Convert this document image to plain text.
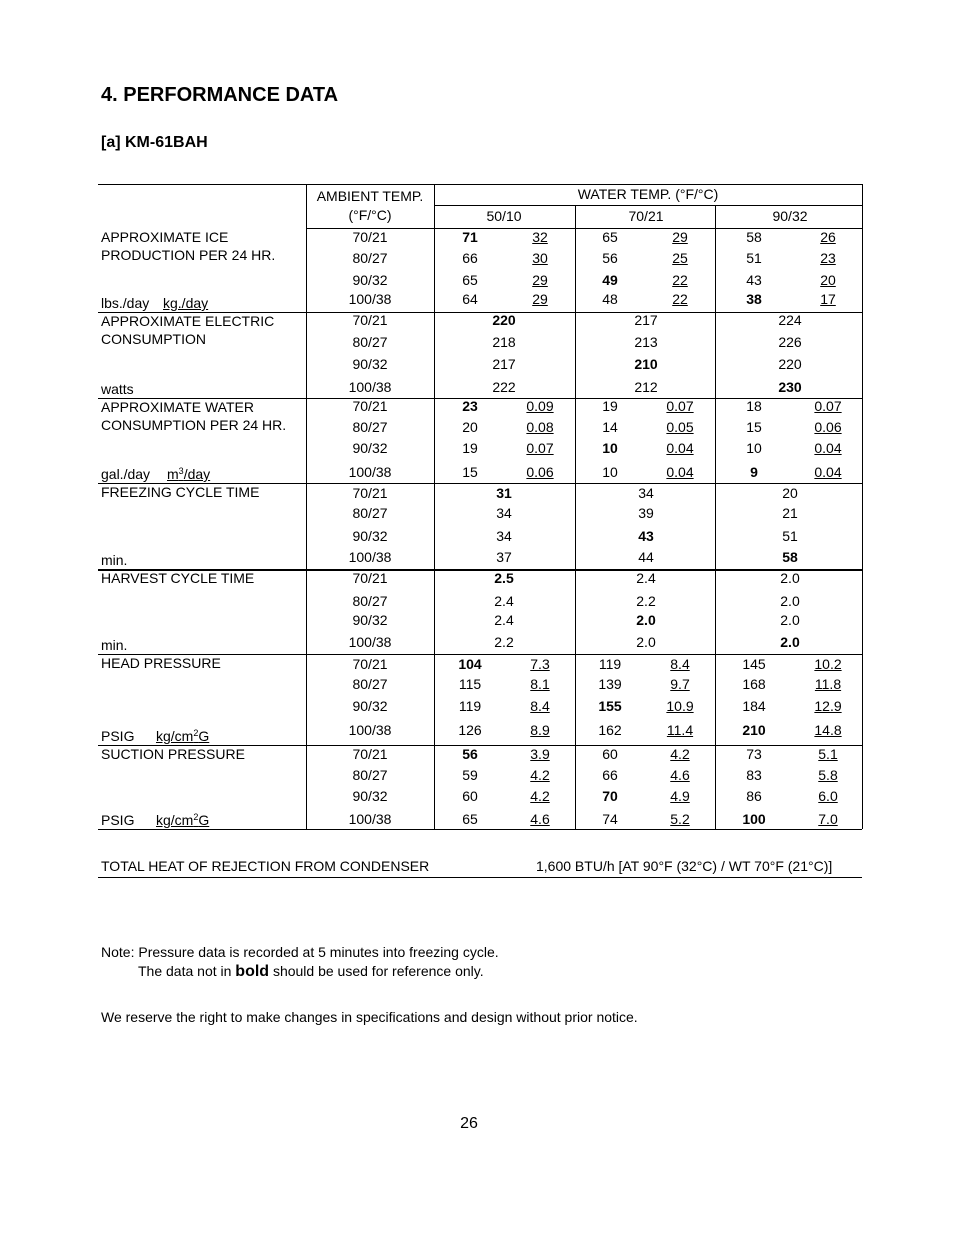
4. PERFORMANCE DATA
[a] KM-61BAH
AMBIENT TEMP.
(°F/°C)
WATER TEMP. (°F/°C)
50/10	70/21	90/32
APPROXIMATE ICE
PRODUCTION PER 24 HR.
lbs./day kg./day
70/21	71	32	65	29	58	26
80/27	66	30	56	25	51	23
90/32	65	29	49	22	43	20
100/38	64	29	48	22	38	17
APPROXIMATE ELECTRIC
CONSUMPTION
watts
70/21	220	217	224
80/27	218	213	226
90/32	217	210	220
100/38	222	212	230
APPROXIMATE WATER
CONSUMPTION PER 24 HR.
gal./day $m^3$/day
70/21	23	0.09	19	0.07	18	0.07
80/27	20	0.08	14	0.05	15	0.06
90/32	19	0.07	10	0.04	10	0.04
100/38	15	0.06	10	0.04	9	0.04
FREEZING CYCLE TIME
min.
70/21	31	34	20
80/27	34	39	21
90/32	34	43	51
100/38	37	44	58
HARVEST CYCLE TIME
min.
70/21	2.5	2.4	2.0
80/27	2.4	2.2	2.0
90/32	2.4	2.0	2.0
100/38	2.2	2.0	2.0
HEAD PRESSURE
PSIG $kg/cm^2G$
70/21	104	7.3	119	8.4	145	10.2
80/27	115	8.1	139	9.7	168	11.8
90/32	119	8.4	155	10.9	184	12.9
100/38	126	8.9	162	11.4	210	14.8
SUCTION PRESSURE
PSIG $kg/cm^2G$
70/21	56	3.9	60	4.2	73	5.1
80/27	59	4.2	66	4.6	83	5.8
90/32	60	4.2	70	4.9	86	6.0
100/38	65	4.6	74	5.2	100	7.0
TOTAL HEAT OF REJECTION FROM CONDENSER	1,600 BTU/h [AT 90°F (32°C) / WT 70°F (21°C)]
Note: Pressure data is recorded at 5 minutes into freezing cycle.
The data not in bold should be used for reference only.
We reserve the right to make changes in specifications and design without prior notice.
26
